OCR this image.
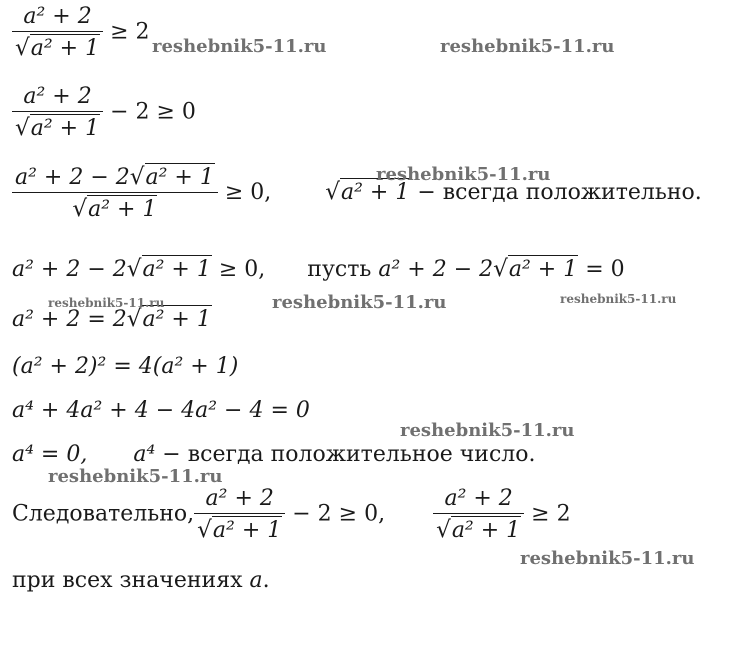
$\frac{\text{a² + 2}}{\text{√a² + 1}} \ge 2$
$\frac{\text{a² + 2}}{\text{√a² + 1}} - 2 \ge 0$
$\frac{\text{a² + 2 − 2√a² + 1}}{\text{√a² + 1}} \ge 0$, √a² + 1 − всегда положительно.
a² + 2 − 2√a² + 1 ≥ 0, пусть a² + 2 − 2√a² + 1 = 0
a² + 2 = 2√a² + 1
(a² + 2)² = 4(a² + 1)
a⁴ + 4a² + 4 − 4a² − 4 = 0
a⁴ = 0, a⁴ − всегда положительное число.
Следовательно, $\frac{\text{a² + 2}}{\text{√a² + 1}} - 2 \ge 0$, $\frac{\text{a² + 2}}{\text{√a² + 1}} \ge 2$
при всех значениях a.
reshebnik5-11.ru	reshebnik5-11.ru
reshebnik5-11.ru
reshebnik5-11.ru	reshebnik5-11.ru	reshebnik5-11.ru
reshebnik5-11.ru
reshebnik5-11.ru
reshebnik5-11.ru
